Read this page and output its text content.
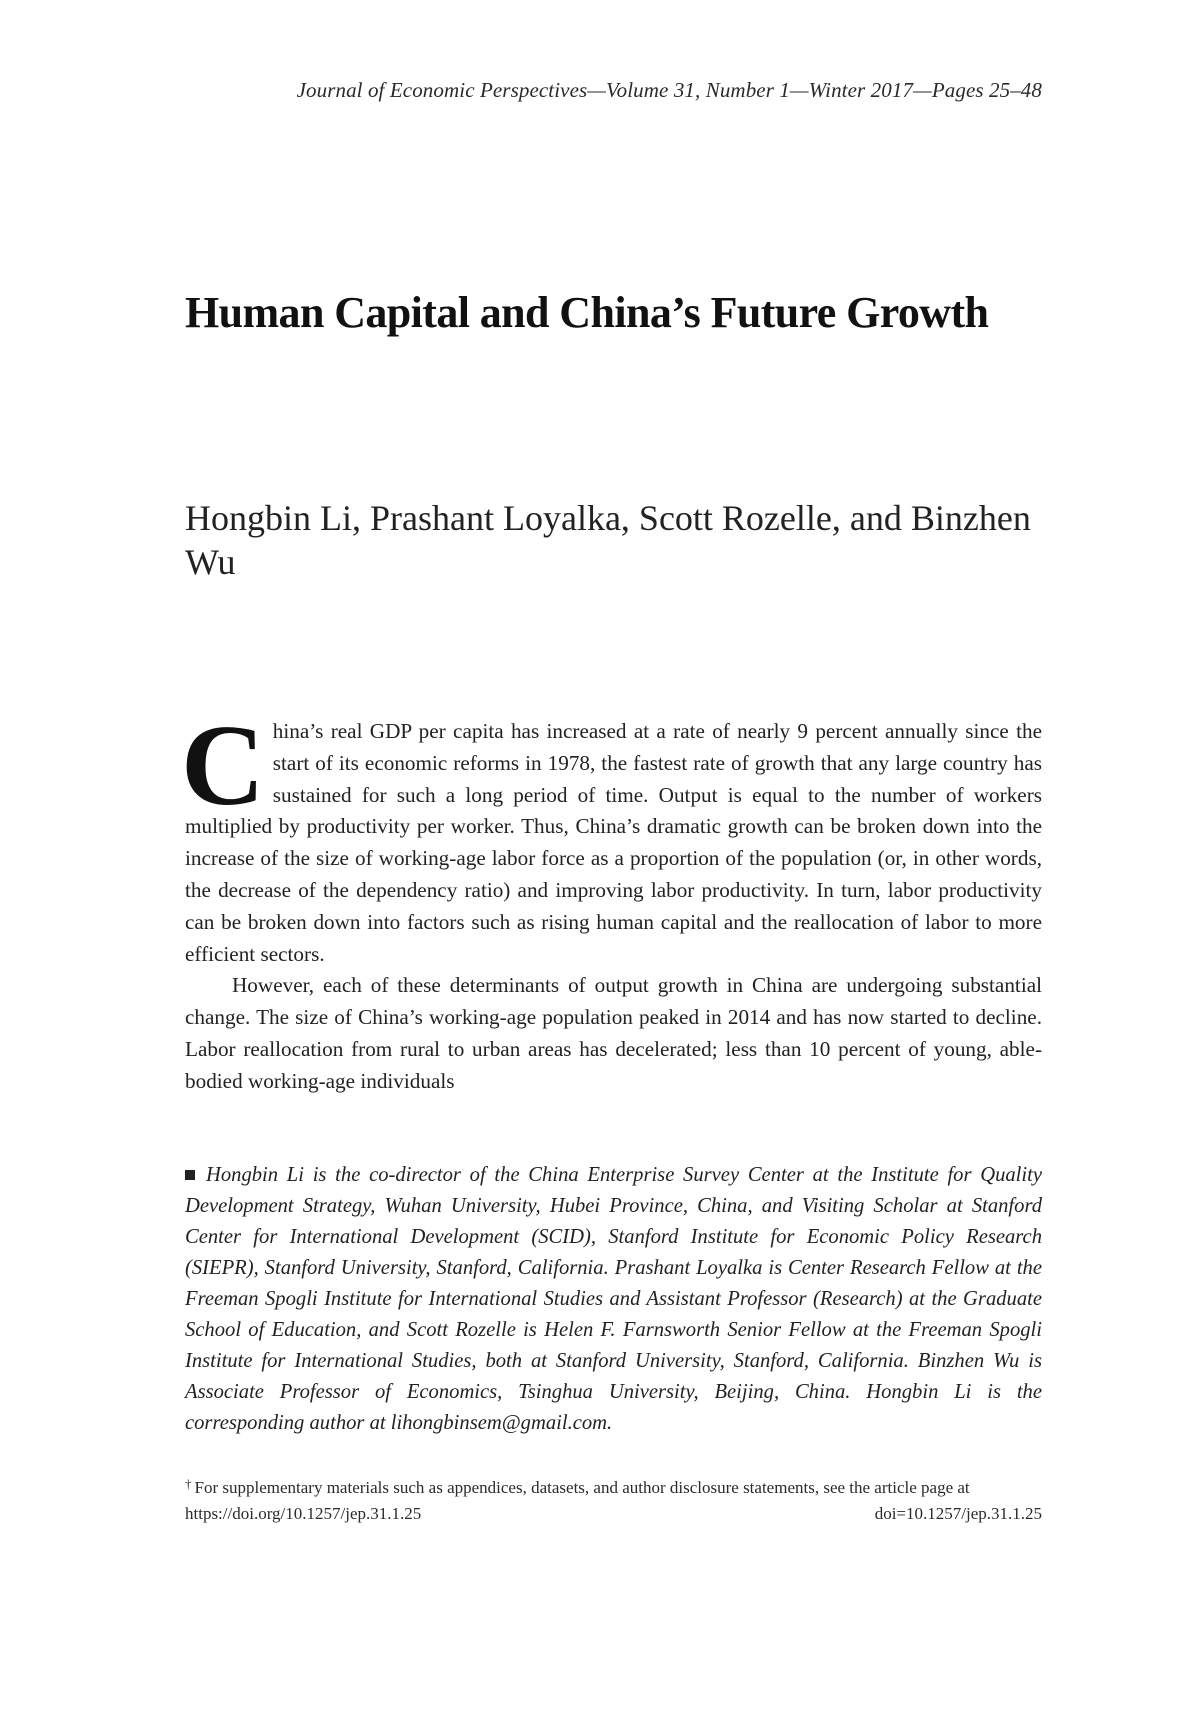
Journal of Economic Perspectives—Volume 31, Number 1—Winter 2017—Pages 25–48
Human Capital and China’s Future Growth
Hongbin Li, Prashant Loyalka, Scott Rozelle, and Binzhen Wu

China’s real GDP per capita has increased at a rate of nearly 9 percent annually since the start of its economic reforms in 1978, the fastest rate of growth that any large country has sustained for such a long period of time. Output is equal to the number of workers multiplied by productivity per worker. Thus, China’s dramatic growth can be broken down into the increase of the size of working-age labor force as a proportion of the population (or, in other words, the decrease of the dependency ratio) and improving labor productivity. In turn, labor productivity can be broken down into factors such as rising human capital and the reallocation of labor to more efficient sectors.

However, each of these determinants of output growth in China are undergoing substantial change. The size of China’s working-age population peaked in 2014 and has now started to decline. Labor reallocation from rural to urban areas has decelerated; less than 10 percent of young, able-bodied working-age individuals

Hongbin Li is the co-director of the China Enterprise Survey Center at the Institute for Quality Development Strategy, Wuhan University, Hubei Province, China, and Visiting Scholar at Stanford Center for International Development (SCID), Stanford Institute for Economic Policy Research (SIEPR), Stanford University, Stanford, California. Prashant Loyalka is Center Research Fellow at the Freeman Spogli Institute for International Studies and Assistant Professor (Research) at the Graduate School of Education, and Scott Rozelle is Helen F. Farnsworth Senior Fellow at the Freeman Spogli Institute for International Studies, both at Stanford University, Stanford, California. Binzhen Wu is Associate Professor of Economics, Tsinghua University, Beijing, China. Hongbin Li is the corresponding author at lihongbinsem@gmail.com.
† For supplementary materials such as appendices, datasets, and author disclosure statements, see the article page at
https://doi.org/10.1257/jep.31.1.25	doi=10.1257/jep.31.1.25
